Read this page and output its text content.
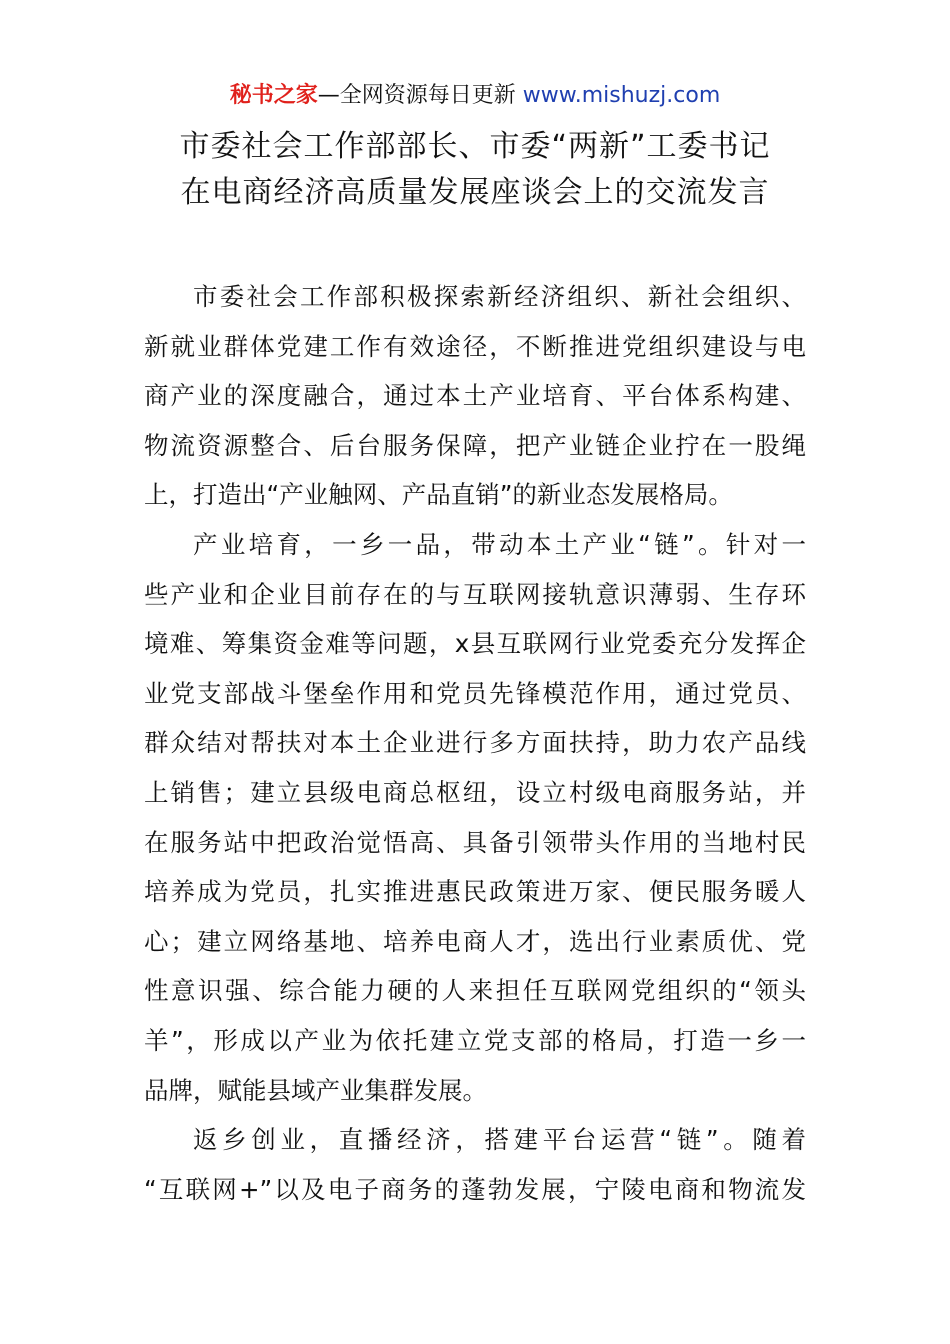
秘书之家—全网资源每日更新 www.mishuzj.com
市委社会工作部部长、市委“两新”工委书记
在电商经济高质量发展座谈会上的交流发言
市委社会工作部积极探索新经济组织、新社会组织、
新就业群体党建工作有效途径，不断推进党组织建设与电
商产业的深度融合，通过本土产业培育、平台体系构建、
物流资源整合、后台服务保障，把产业链企业拧在一股绳
上，打造出“产业触网、产品直销”的新业态发展格局。
产业培育，一乡一品，带动本土产业“链”。针对一
些产业和企业目前存在的与互联网接轨意识薄弱、生存环
境难、筹集资金难等问题，x县互联网行业党委充分发挥企
业党支部战斗堡垒作用和党员先锋模范作用，通过党员、
群众结对帮扶对本土企业进行多方面扶持，助力农产品线
上销售；建立县级电商总枢纽，设立村级电商服务站，并
在服务站中把政治觉悟高、具备引领带头作用的当地村民
培养成为党员，扎实推进惠民政策进万家、便民服务暖人
心；建立网络基地、培养电商人才，选出行业素质优、党
性意识强、综合能力硬的人来担任互联网党组织的“领头
羊”，形成以产业为依托建立党支部的格局，打造一乡一
品牌，赋能县域产业集群发展。
返乡创业，直播经济，搭建平台运营“链”。随着
“互联网+”以及电子商务的蓬勃发展，宁陵电商和物流发
